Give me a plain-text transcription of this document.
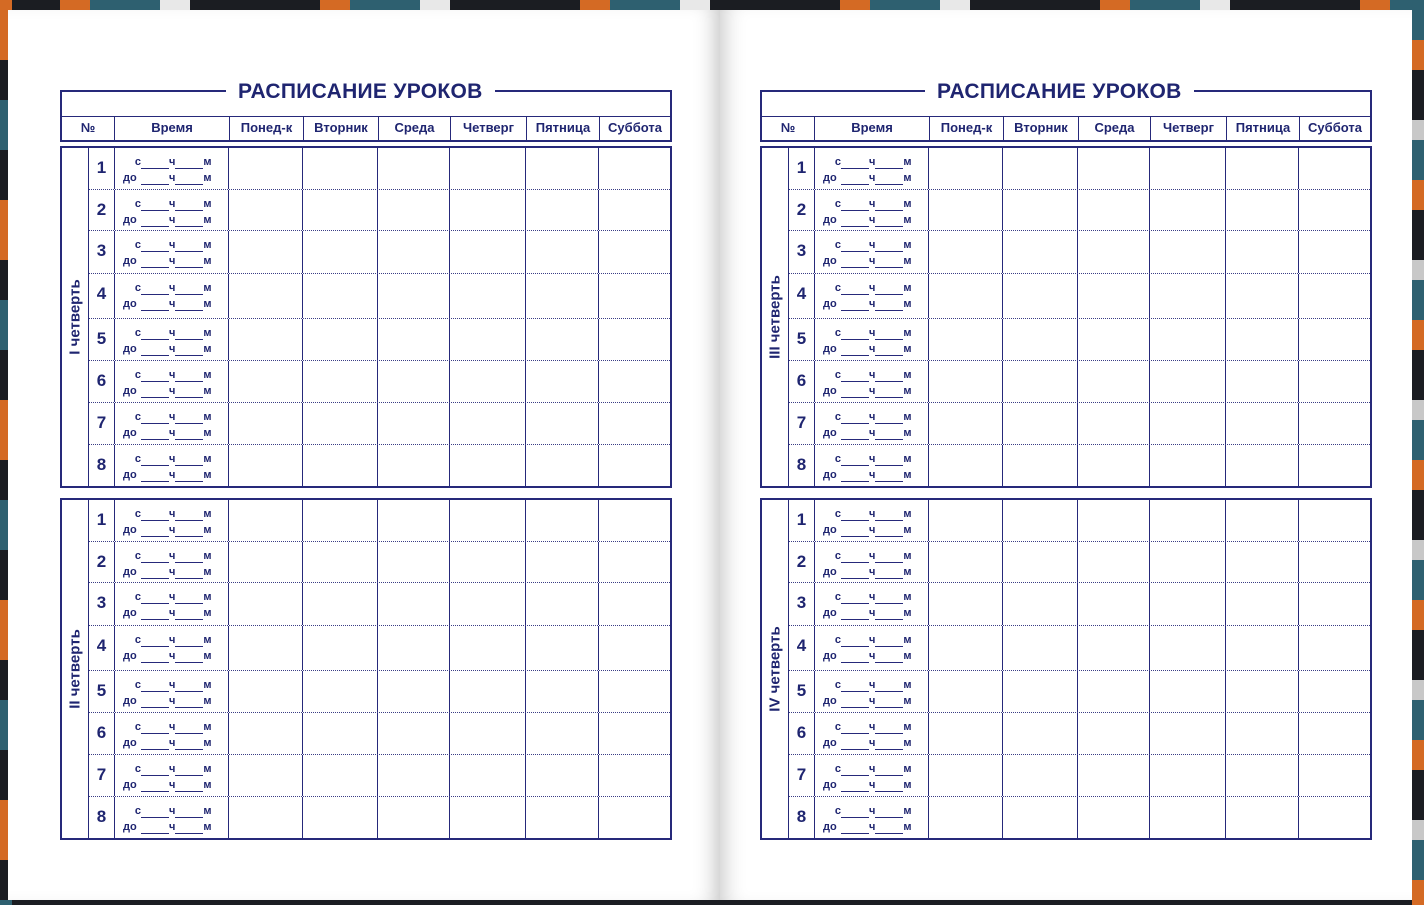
№	Время	Понед-к	Вторник	Среда	Четверг	Пятница	Суббота
РАСПИСАНИЕ УРОКОВ
I четверть
1	с	ч	м
до	ч	м
2	с	ч	м
до	ч	м
3	с	ч	м
до	ч	м
4	с	ч	м
до	ч	м
5	с	ч	м
до	ч	м
6	с	ч	м
до	ч	м
7	с	ч	м
до	ч	м
8	с	ч	м
до	ч	м
II четверть
1	с	ч	м
до	ч	м
2	с	ч	м
до	ч	м
3	с	ч	м
до	ч	м
4	с	ч	м
до	ч	м
5	с	ч	м
до	ч	м
6	с	ч	м
до	ч	м
7	с	ч	м
до	ч	м
8	с	ч	м
до	ч	м
№	Время	Понед-к	Вторник	Среда	Четверг	Пятница	Суббота
РАСПИСАНИЕ УРОКОВ
III четверть
1	с	ч	м
до	ч	м
2	с	ч	м
до	ч	м
3	с	ч	м
до	ч	м
4	с	ч	м
до	ч	м
5	с	ч	м
до	ч	м
6	с	ч	м
до	ч	м
7	с	ч	м
до	ч	м
8	с	ч	м
до	ч	м
IV четверть
1	с	ч	м
до	ч	м
2	с	ч	м
до	ч	м
3	с	ч	м
до	ч	м
4	с	ч	м
до	ч	м
5	с	ч	м
до	ч	м
6	с	ч	м
до	ч	м
7	с	ч	м
до	ч	м
8	с	ч	м
до	ч	м
